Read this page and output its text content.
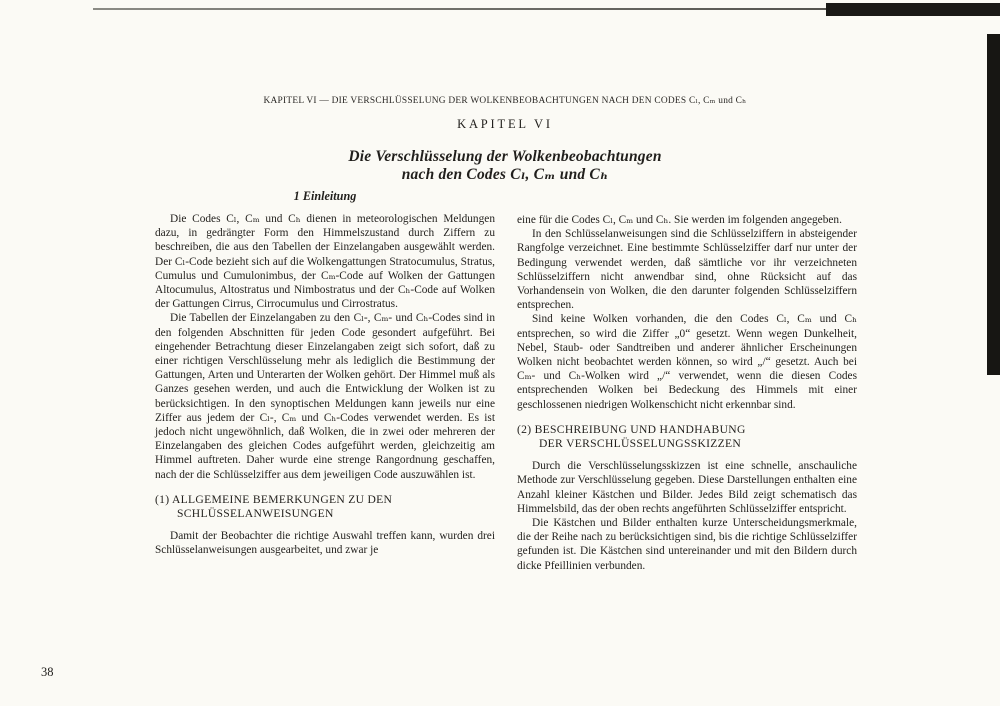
KAPITEL VI — DIE VERSCHLÜSSELUNG DER WOLKENBEOBACHTUNGEN NACH DEN CODES Cₗ, Cₘ und Cₕ
KAPITEL VI
Die Verschlüsselung der Wolkenbeobachtungen
nach den Codes Cₗ, Cₘ und Cₕ
1 Einleitung

Die Codes Cₗ, Cₘ und Cₕ dienen in meteorologischen Meldungen dazu, in gedrängter Form den Himmelszustand durch Ziffern zu beschreiben, die aus den Tabellen der Einzelangaben ausgewählt werden. Der Cₗ-Code bezieht sich auf die Wolkengattungen Stratocumulus, Stratus, Cumulus und Cumulonimbus, der Cₘ-Code auf Wolken der Gattungen Altocumulus, Altostratus und Nimbostratus und der Cₕ-Code auf Wolken der Gattungen Cirrus, Cirrocumulus und Cirrostratus.

Die Tabellen der Einzelangaben zu den Cₗ-, Cₘ- und Cₕ-Codes sind in den folgenden Abschnitten für jeden Code gesondert aufgeführt. Bei eingehender Betrachtung dieser Einzelangaben zeigt sich sofort, daß zu einer richtigen Verschlüsselung mehr als lediglich die Bestimmung der Gattungen, Arten und Unterarten der Wolken gehört. Der Himmel muß als Ganzes gesehen werden, und auch die Entwicklung der Wolken ist zu berücksichtigen. In den synoptischen Meldungen kann jeweils nur eine Ziffer aus jedem der Cₗ-, Cₘ und Cₕ-Codes verwendet werden. Es ist jedoch nicht ungewöhnlich, daß Wolken, die in zwei oder mehreren der Einzelangaben des gleichen Codes aufgeführt werden, gleichzeitig am Himmel auftreten. Daher wurde eine strenge Rangordnung geschaffen, nach der die Schlüsselziffer aus dem jeweiligen Code auszuwählen ist.

(1) ALLGEMEINE BEMERKUNGEN ZU DEN
SCHLÜSSELANWEISUNGEN

Damit der Beobachter die richtige Auswahl treffen kann, wurden drei Schlüsselanweisungen ausgearbeitet, und zwar je

eine für die Codes Cₗ, Cₘ und Cₕ. Sie werden im folgenden angegeben.

In den Schlüsselanweisungen sind die Schlüsselziffern in absteigender Rangfolge verzeichnet. Eine bestimmte Schlüsselziffer darf nur unter der Bedingung verwendet werden, daß sämtliche vor ihr verzeichneten Schlüsselziffern nicht anwendbar sind, ohne Rücksicht auf das Vorhandensein von Wolken, die den darunter folgenden Schlüsselziffern entsprechen.

Sind keine Wolken vorhanden, die den Codes Cₗ, Cₘ und Cₕ entsprechen, so wird die Ziffer „0“ gesetzt. Wenn wegen Dunkelheit, Nebel, Staub- oder Sandtreiben und anderer ähnlicher Erscheinungen Wolken nicht beobachtet werden können, so wird „/“ gesetzt. Auch bei Cₘ- und Cₕ-Wolken wird „/“ verwendet, wenn die diesen Codes entsprechenden Wolken bei Bedeckung des Himmels mit einer geschlossenen niedrigen Wolkenschicht nicht erkennbar sind.

(2) BESCHREIBUNG UND HANDHABUNG
DER VERSCHLÜSSELUNGSSKIZZEN

Durch die Verschlüsselungsskizzen ist eine schnelle, anschauliche Methode zur Verschlüsselung gegeben. Diese Darstellungen enthalten eine Anzahl kleiner Kästchen und Bilder. Jedes Bild zeigt schematisch das Himmelsbild, das der oben rechts angeführten Schlüsselziffer entspricht.

Die Kästchen und Bilder enthalten kurze Unterscheidungsmerkmale, die der Reihe nach zu berücksichtigen sind, bis die richtige Schlüsselziffer gefunden ist. Die Kästchen sind untereinander und mit den Bildern durch dicke Pfeillinien verbunden.

38
